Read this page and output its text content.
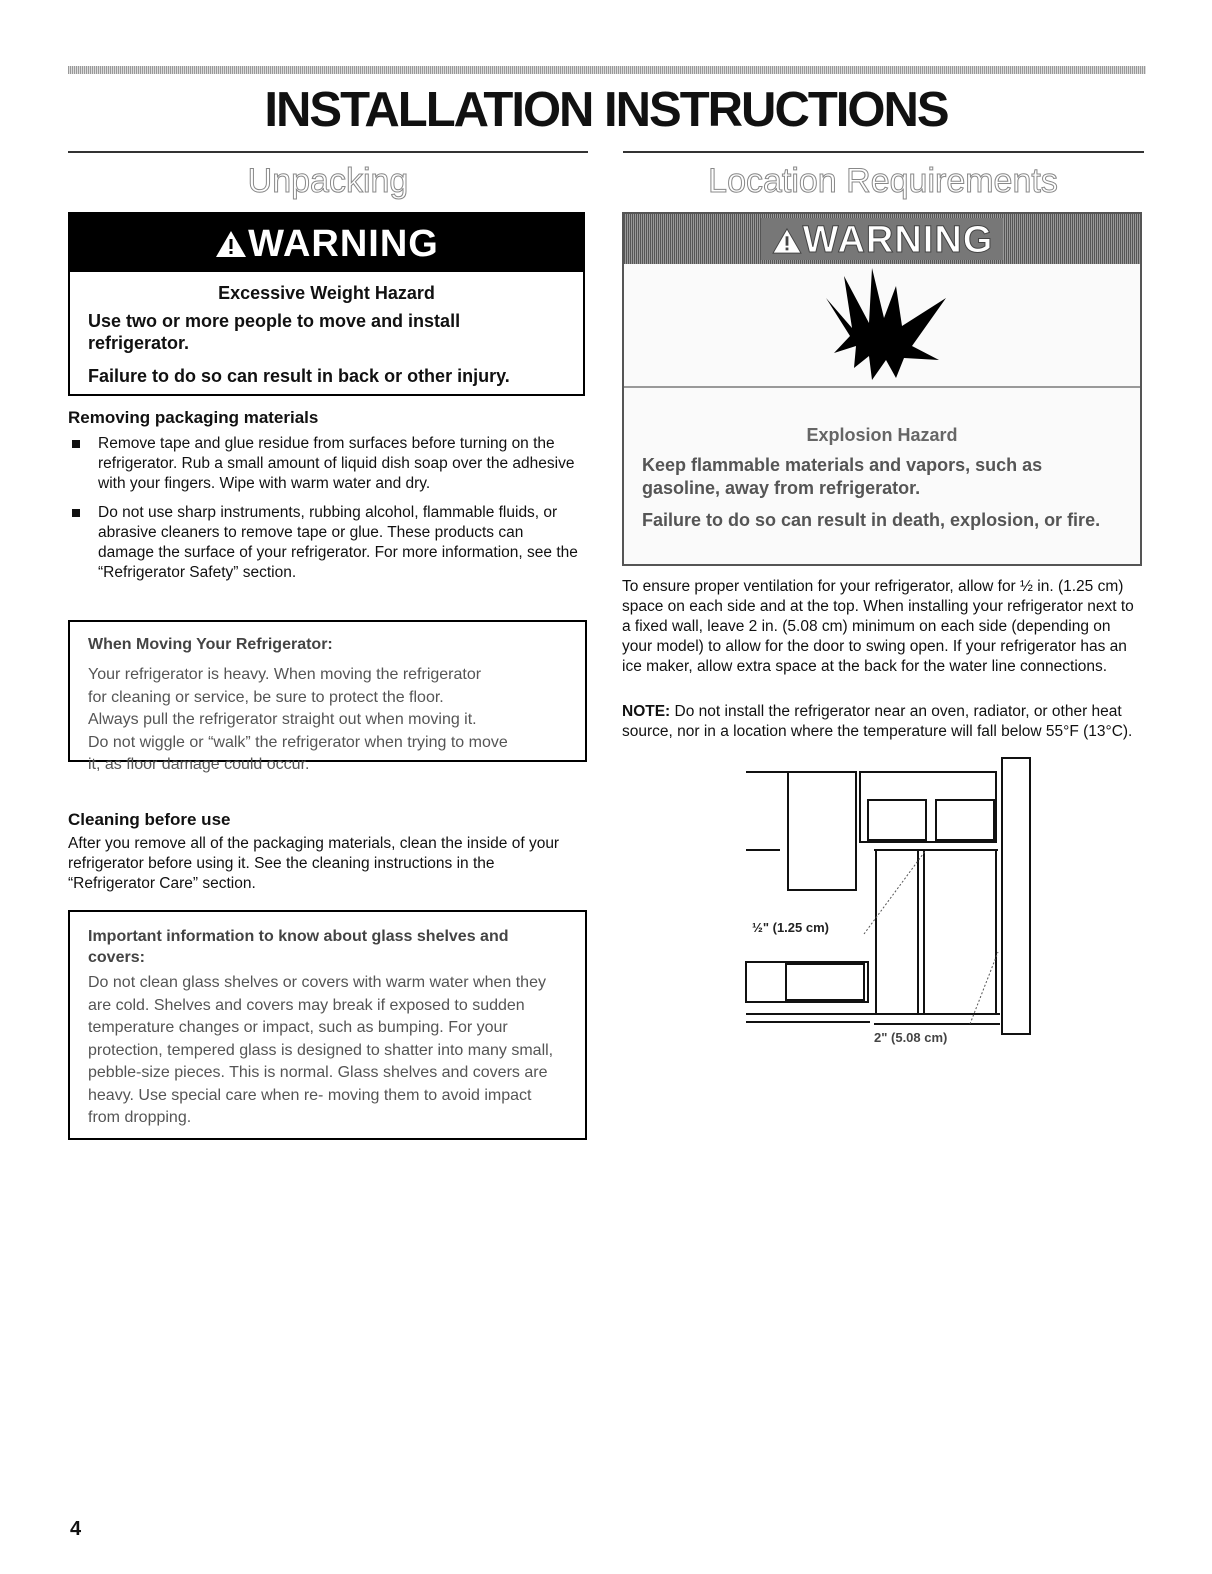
INSTALLATION INSTRUCTIONS
Unpacking	Location Requirements
WARNING
Excessive Weight Hazard
Use two or more people to move and install refrigerator.
Failure to do so can result in back or other injury.
Removing packaging materials
Remove tape and glue residue from surfaces before turning on the refrigerator. Rub a small amount of liquid dish soap over the adhesive with your fingers. Wipe with warm water and dry.
Do not use sharp instruments, rubbing alcohol, flammable fluids, or abrasive cleaners to remove tape or glue. These products can damage the surface of your refrigerator. For more information, see the “Refrigerator Safety” section.
When Moving Your Refrigerator:
Your refrigerator is heavy. When moving the refrigerator
for cleaning or service, be sure to protect the floor.
Always pull the refrigerator straight out when moving it.
Do not wiggle or “walk” the refrigerator when trying to move
it, as floor damage could occur.
Cleaning before use
After you remove all of the packaging materials, clean the inside of your refrigerator before using it. See the cleaning instructions in the “Refrigerator Care” section.
Important information to know about glass shelves and covers:
Do not clean glass shelves or covers with warm water when they are cold. Shelves and covers may break if exposed to sudden temperature changes or impact, such as bumping. For your protection, tempered glass is designed to shatter into many small, pebble-size pieces. This is normal. Glass shelves and covers are heavy. Use special care when re- moving them to avoid impact from dropping.
WARNING
Explosion Hazard
Keep flammable materials and vapors, such as gasoline, away from refrigerator.
Failure to do so can result in death, explosion, or fire.
To ensure proper ventilation for your refrigerator, allow for ½ in. (1.25 cm) space on each side and at the top. When installing your refrigerator next to a fixed wall, leave 2 in. (5.08 cm) minimum on each side (depending on your model) to allow for the door to swing open. If your refrigerator has an ice maker, allow extra space at the back for the water line connections.
NOTE: Do not install the refrigerator near an oven, radiator, or other heat source, nor in a location where the temperature will fall below 55°F (13°C).
½" (1.25 cm)
2" (5.08 cm)
4
